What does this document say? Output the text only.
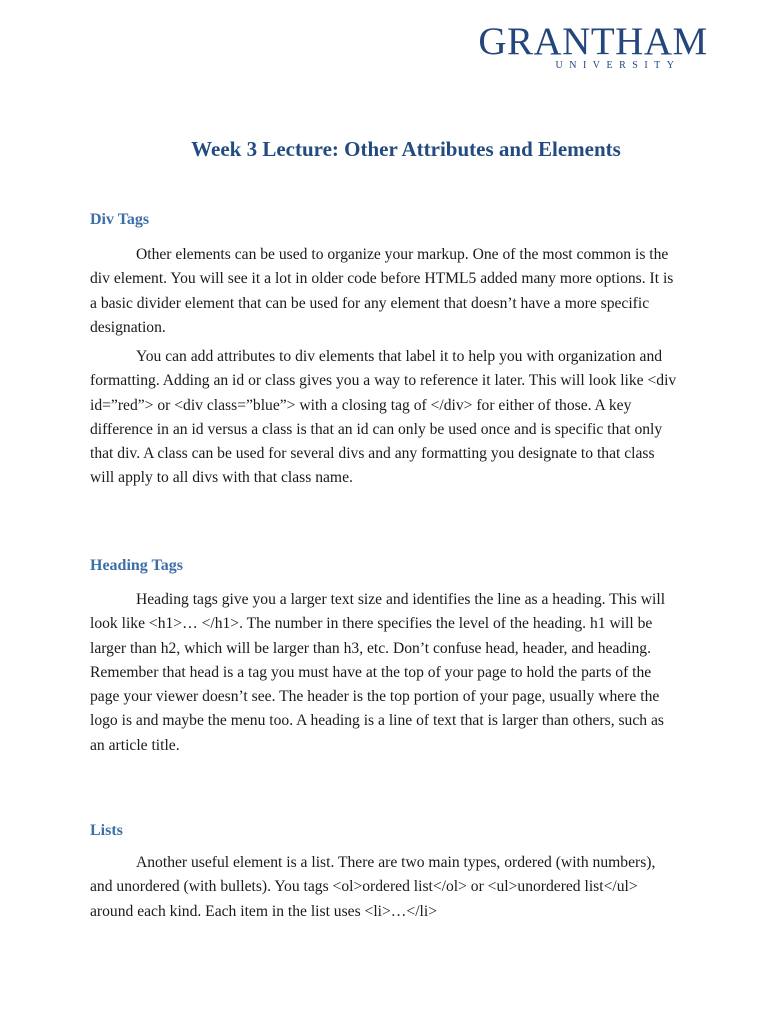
GRANTHAM
UNIVERSITY
Week 3 Lecture: Other Attributes and Elements
Div Tags

Other elements can be used to organize your markup. One of the most common is the div element. You will see it a lot in older code before HTML5 added many more options. It is a basic divider element that can be used for any element that doesn’t have a more specific designation.

You can add attributes to div elements that label it to help you with organization and formatting. Adding an id or class gives you a way to reference it later. This will look like <div id=”red”> or <div class=”blue”> with a closing tag of </div> for either of those. A key difference in an id versus a class is that an id can only be used once and is specific that only that div. A class can be used for several divs and any formatting you designate to that class will apply to all divs with that class name.

Heading Tags

Heading tags give you a larger text size and identifies the line as a heading. This will look like <h1>… </h1>. The number in there specifies the level of the heading. h1 will be larger than h2, which will be larger than h3, etc. Don’t confuse head, header, and heading. Remember that head is a tag you must have at the top of your page to hold the parts of the page your viewer doesn’t see. The header is the top portion of your page, usually where the logo is and maybe the menu too. A heading is a line of text that is larger than others, such as an article title.

Lists

Another useful element is a list. There are two main types, ordered (with numbers), and unordered (with bullets). You tags <ol>ordered list</ol> or <ul>unordered list</ul> around each kind. Each item in the list uses <li>…</li>
